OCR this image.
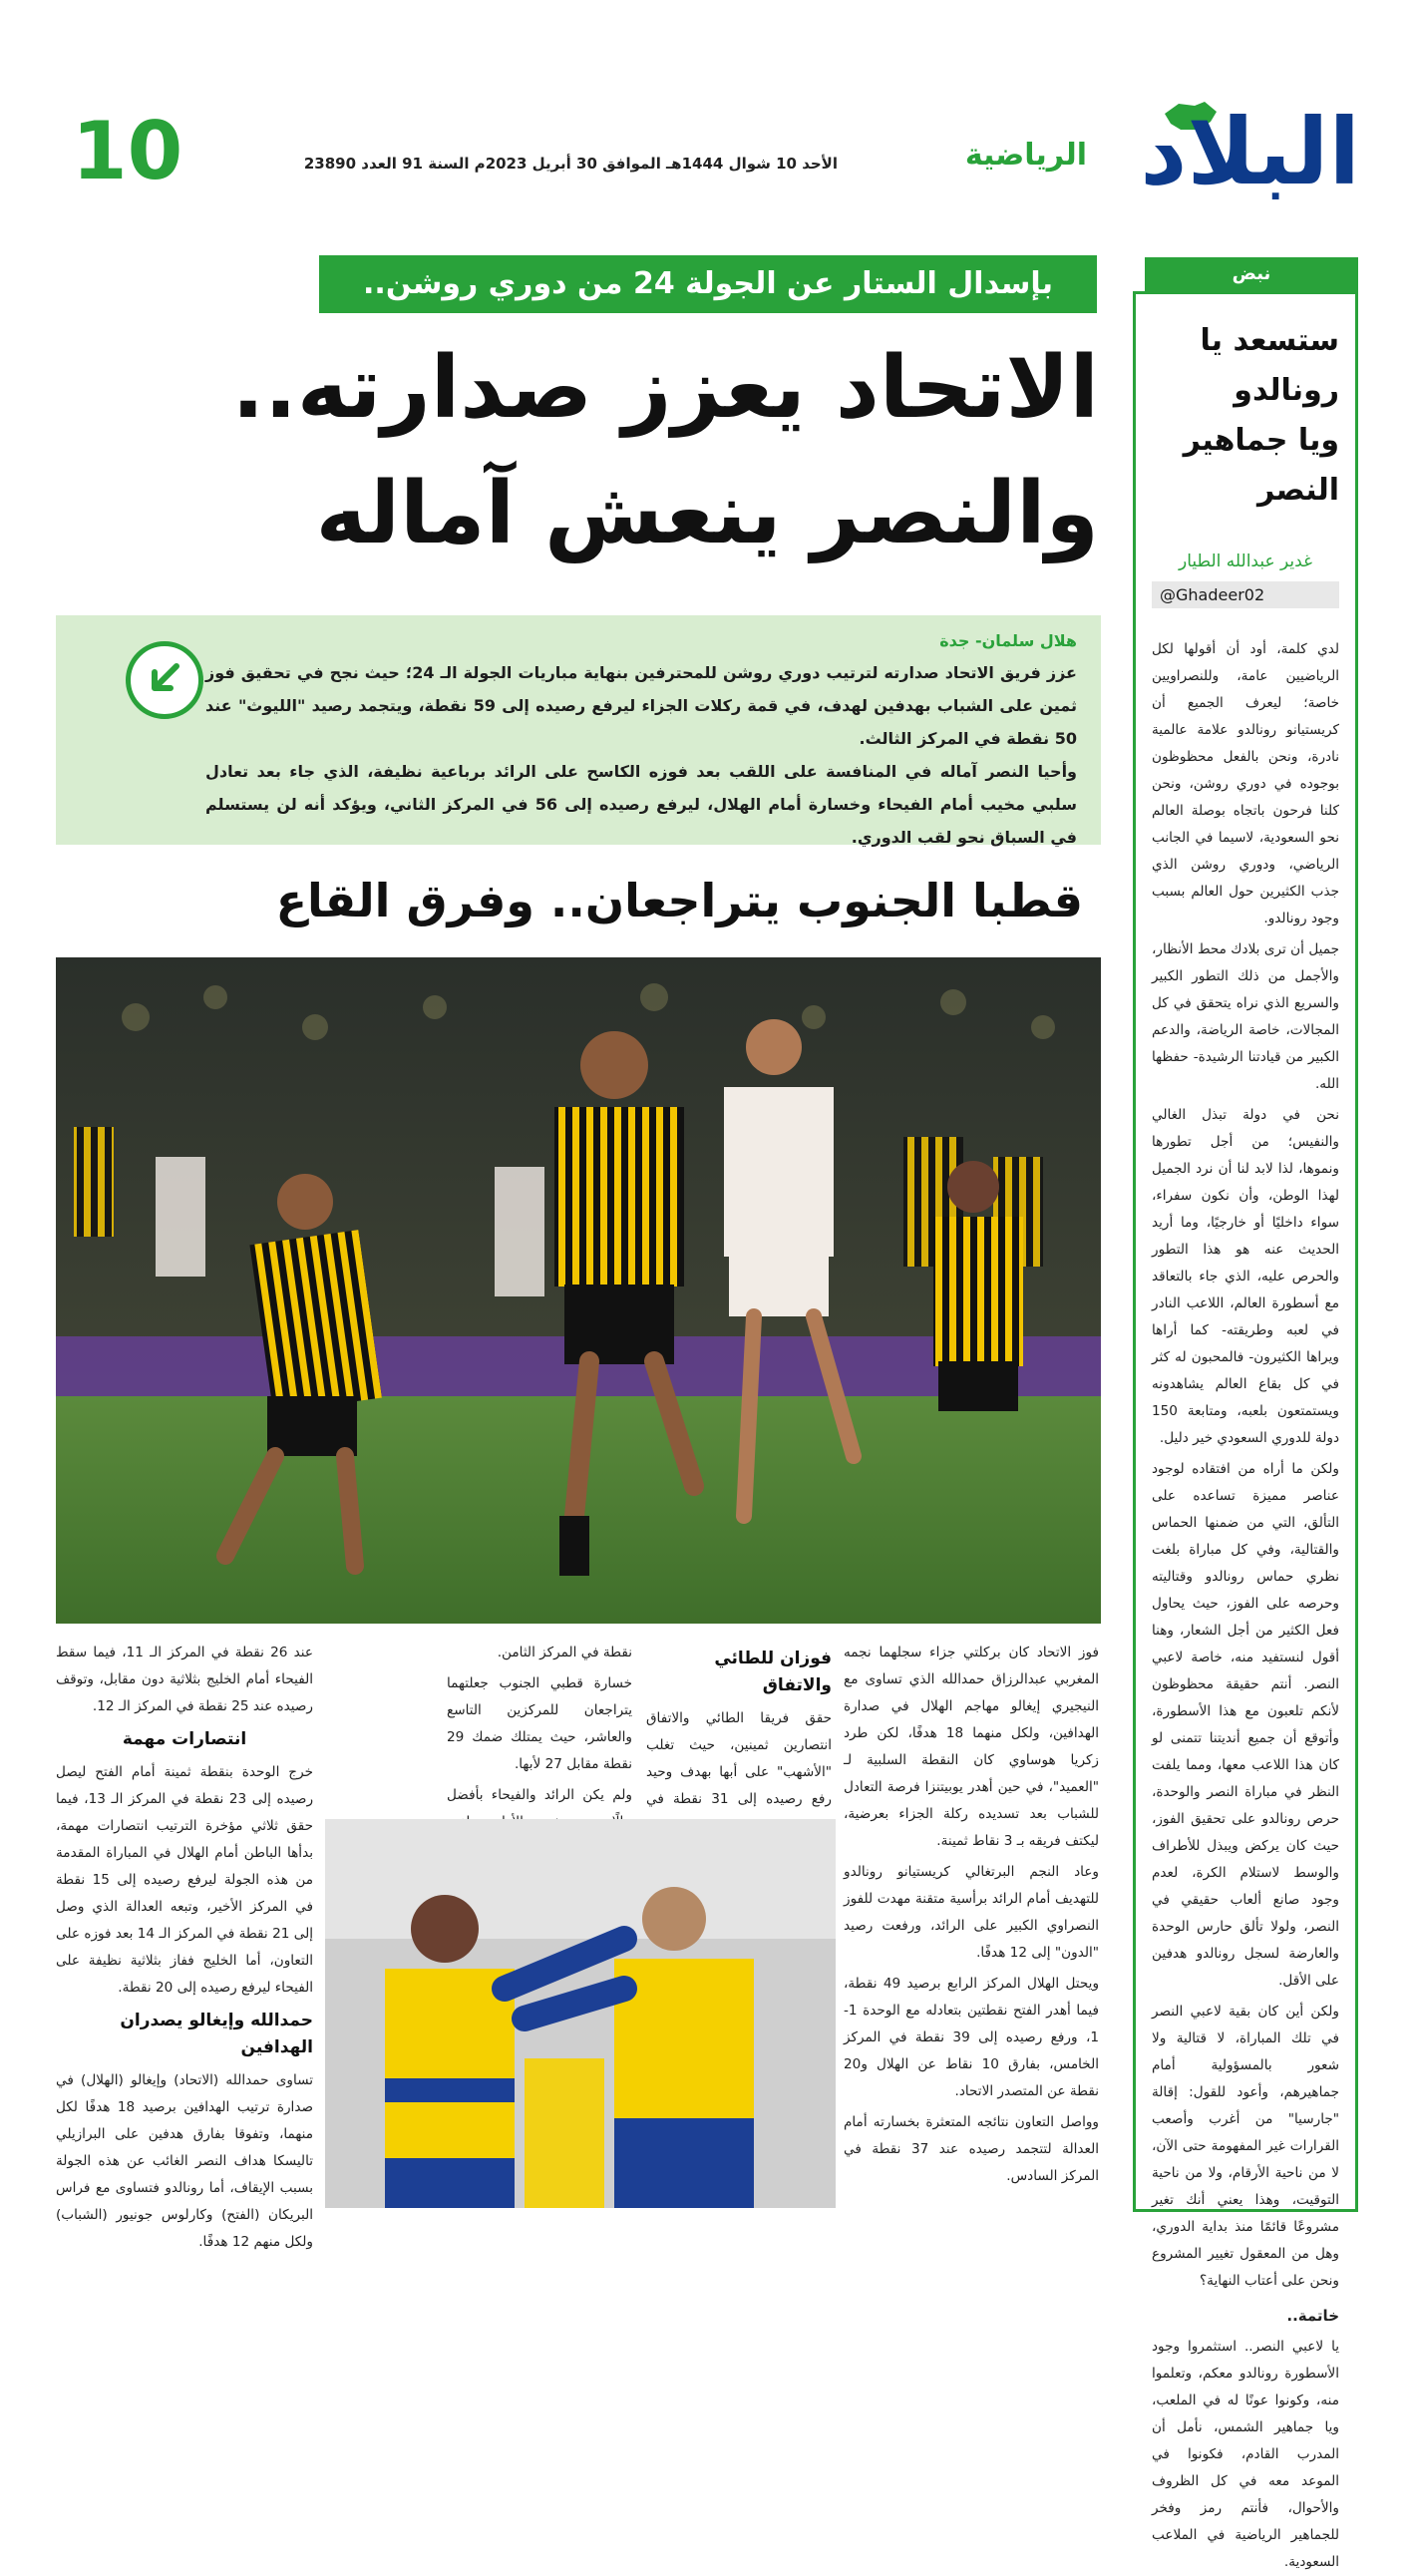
البلاد
الرياضية
الأحد 10 شوال 1444هـ الموافق 30 أبريل 2023م السنة 91 العدد 23890
10
نبض
ستسعد يا رونالدو
ويا جماهير النصر
غدير عبدالله الطيار
@Ghadeer02

لدي كلمة، أود أن أقولها لكل الرياضيين عامة، وللنصراويين خاصة؛ ليعرف الجميع أن كريستيانو رونالدو علامة عالمية نادرة، ونحن بالفعل محظوظون بوجوده في دوري روشن، ونحن كلنا فرحون باتجاه بوصلة العالم نحو السعودية، لاسيما في الجانب الرياضي، ودوري روشن الذي جذب الكثيرين حول العالم بسبب وجود رونالدو.

جميل أن ترى بلادك محط الأنظار، والأجمل من ذلك التطور الكبير والسريع الذي نراه يتحقق في كل المجالات، خاصة الرياضة، والدعم الكبير من قيادتنا الرشيدة- حفظها الله.

نحن في دولة تبذل الغالي والنفيس؛ من أجل تطورها ونموها، لذا لابد لنا أن نرد الجميل لهذا الوطن، وأن نكون سفراء، سواء داخليًا أو خارجيًا، وما أريد الحديث عنه هو هذا التطور والحرص عليه، الذي جاء بالتعاقد مع أسطورة العالم، اللاعب النادر في لعبه وطريقته- كما أراها ويراها الكثيرون- فالمحبون له كثر في كل بقاع العالم يشاهدونه ويستمتعون بلعبه، ومتابعة 150 دولة للدوري السعودي خير دليل.

ولكن ما أراه من افتقاده لوجود عناصر مميزة تساعده على التألق، التي من ضمنها الحماس والقتالية، وفي كل مباراة بلغت نظري حماس رونالدو وقتاليته وحرصه على الفوز، حيث يحاول فعل الكثير من أجل الشعار، وهنا أقول لنستفيد منه، خاصة لاعبي النصر. أنتم حقيقة محظوظون لأنكم تلعبون مع هذا الأسطورة، وأتوقع أن جميع أنديتنا تتمنى لو كان هذا اللاعب معها، ومما يلفت النظر في مباراة النصر والوحدة، حرص رونالدو على تحقيق الفوز، حيث كان يركض ويبذل للأطراف والوسط لاستلام الكرة، لعدم وجود صانع ألعاب حقيقي في النصر، ولولا تألق حارس الوحدة والعارضة لسجل رونالدو هدفين على الأقل.

ولكن أين كان بقية لاعبي النصر في تلك المباراة، لا قتالية ولا شعور بالمسؤولية أمام جماهيرهم، وأعود للقول: إقالة "جارسيا" من أغرب وأصعب القرارات غير المفهومة حتى الآن، لا من ناحية الأرقام، ولا من ناحية التوقيت، وهذا يعني أنك تغير مشروعًا قائمًا منذ بداية الدوري، وهل من المعقول تغيير المشروع ونحن على أعتاب النهاية؟

خاتمة..

يا لاعبي النصر.. استثمروا وجود الأسطورة رونالدو معكم، وتعلموا منه، وكونوا عونًا له في الملعب، ويا جماهير الشمس، نأمل أن المدرب القادم، فكونوا في الموعد معه في كل الظروف والأحوال، فأنتم رمز وفخر للجماهير الرياضية في الملاعب السعودية.

بإسدال الستار عن الجولة 24 من دوري روشن..
الاتحاد يعزز صدارته..
والنصر ينعش آماله
هلال سلمان- جدة
عزز فريق الاتحاد صدارته لترتيب دوري روشن للمحترفين بنهاية مباريات الجولة الـ 24؛ حيث نجح في تحقيق فوز ثمين على الشباب بهدفين لهدف، في قمة ركلات الجزاء ليرفع رصيده إلى 59 نقطة، ويتجمد رصيد "الليوث" عند 50 نقطة في المركز الثالث.
وأحيا النصر آماله في المنافسة على اللقب بعد فوزه الكاسح على الرائد برباعية نظيفة، الذي جاء بعد تعادل سلبي مخيب أمام الفيحاء وخسارة أمام الهلال، ليرفع رصيده إلى 56 في المركز الثاني، ويؤكد أنه لن يستسلم في السباق نحو لقب الدوري.
قطبا الجنوب يتراجعان.. وفرق القاع

فوز الاتحاد كان بركلتي جزاء سجلهما نجمه المغربي عبدالرزاق حمدالله الذي تساوى مع النيجيري إيغالو مهاجم الهلال في صدارة الهدافين، ولكل منهما 18 هدفًا، لكن طرد زكريا هوساوي كان النقطة السلبية لـ "العميد"، في حين أهدر يوبيتنزا فرصة التعادل للشباب بعد تسديده ركلة الجزاء بعرضية، ليكتف فريقه بـ 3 نقاط ثمينة.

وعاد النجم البرتغالي كريستيانو رونالدو للتهديف أمام الرائد برأسية متقنة مهدت للفوز النصراوي الكبير على الرائد، ورفعت رصيد "الدون" إلى 12 هدفًا.

ويحتل الهلال المركز الرابع برصيد 49 نقطة، فيما أهدر الفتح نقطتين بتعادله مع الوحدة 1-1، ورفع رصيده إلى 39 نقطة في المركز الخامس، بفارق 10 نقاط عن الهلال و20 نقطة عن المتصدر الاتحاد.

وواصل التعاون نتائجه المتعثرة بخسارته أمام العدالة لتتجمد رصيده عند 37 نقطة في المركز السادس.

فوزان للطائي والاتفاق

حقق فريقا الطائي والاتفاق انتصارين ثمينين، حيث تغلب "الأشهب" على أبها بهدف وحيد رفع رصيده إلى 31 نقطة في

نقطة في المركز الثامن.

خسارة قطبي الجنوب جعلتهما يتراجعان للمركزين التاسع والعاشر، حيث يمتلك ضمك 29 نقطة مقابل 27 لأبها.

ولم يكن الرائد والفيحاء بأفضل

عند 26 نقطة في المركز الـ 11، فيما سقط الفيحاء أمام الخليج بثلاثية دون مقابل، وتوقف رصيده عند 25 نقطة في المركز الـ 12.

انتصارات مهمة

خرج الوحدة بنقطة ثمينة أمام الفتح ليصل رصيده إلى 23 نقطة في المركز الـ 13، فيما حقق ثلاثي مؤخرة الترتيب انتصارات مهمة، بدأها الباطن أمام الهلال في المباراة المقدمة من هذه الجولة ليرفع رصيده إلى 15 نقطة في المركز الأخير، وتبعه العدالة الذي وصل إلى 21 نقطة في المركز الـ 14 بعد فوزه على التعاون، أما الخليج ففاز بثلاثية نظيفة على الفيحاء ليرفع رصيده إلى 20 نقطة.

حمدالله وإيغالو يصدران الهدافين

تساوى حمدالله (الاتحاد) وإيغالو (الهلال) في صدارة ترتيب الهدافين برصيد 18 هدفًا لكل منهما، وتفوقا بفارق هدفين على البرازيلي تاليسكا هداف النصر الغائب عن هذه الجولة بسبب الإيقاف، أما رونالدو فتساوى مع فراس البريكان (الفتح) وكارلوس جونيور (الشباب) ولكل منهم 12 هدفًا.
